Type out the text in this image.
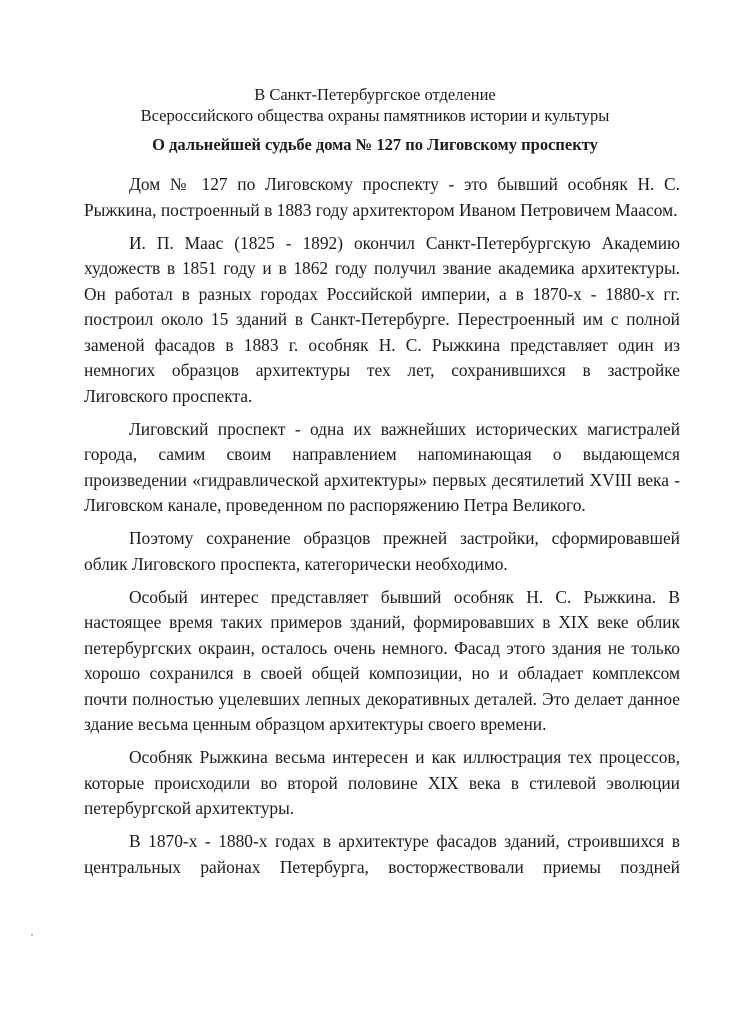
В Санкт-Петербургское отделение
Всероссийского общества охраны памятников истории и культуры
О дальнейшей судьбе дома № 127 по Лиговскому проспекту

Дом № 127 по Лиговскому проспекту - это бывший особняк Н. С. Рыжкина, построенный в 1883 году архитектором Иваном Петровичем Маасом.

И. П. Маас (1825 - 1892) окончил Санкт-Петербургскую Академию художеств в 1851 году и в 1862 году получил звание академика архитектуры. Он работал в разных городах Российской империи, а в 1870-х - 1880-х гг. построил около 15 зданий в Санкт-Петербурге. Перестроенный им с полной заменой фасадов в 1883 г. особняк Н. С. Рыжкина представляет один из немногих образцов архитектуры тех лет, сохранившихся в застройке Лиговского проспекта.

Лиговский проспект - одна их важнейших исторических магистралей города, самим своим направлением напоминающая о выдающемся произведении «гидравлической архитектуры» первых десятилетий XVIII века - Лиговском канале, проведенном по распоряжению Петра Великого.

Поэтому сохранение образцов прежней застройки, сформировавшей облик Лиговского проспекта, категорически необходимо.

Особый интерес представляет бывший особняк Н. С. Рыжкина. В настоящее время таких примеров зданий, формировавших в XIX веке облик петербургских окраин, осталось очень немного. Фасад этого здания не только хорошо сохранился в своей общей композиции, но и обладает комплексом почти полностью уцелевших лепных декоративных деталей. Это делает данное здание весьма ценным образцом архитектуры своего времени.

Особняк Рыжкина весьма интересен и как иллюстрация тех процессов, которые происходили во второй половине XIX века в стилевой эволюции петербургской архитектуры.

В 1870-х - 1880-х годах в архитектуре фасадов зданий, строившихся в центральных районах Петербурга, восторжествовали приемы поздней
